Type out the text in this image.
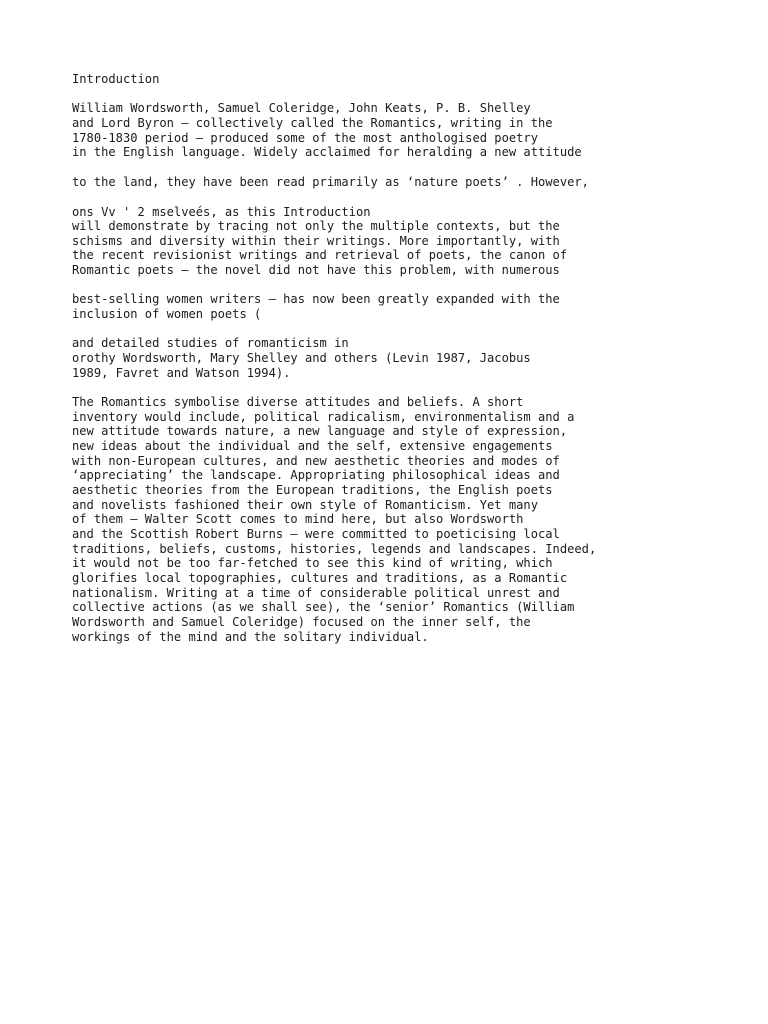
Introduction

William Wordsworth, Samuel Coleridge, John Keats, P. B. Shelley

and Lord Byron — collectively called the Romantics, writing in the

1780-1830 period — produced some of the most anthologised poetry

in the English language. Widely acclaimed for heralding a new attitude

to the land, they have been read primarily as ‘nature poets’ . However,

ons Vv ' 2 mselveés, as this Introduction

will demonstrate by tracing not only the multiple contexts, but the

schisms and diversity within their writings. More importantly, with

the recent revisionist writings and retrieval of poets, the canon of

Romantic poets — the novel did not have this problem, with numerous

best-selling women writers — has now been greatly expanded with the

inclusion of women poets (

and detailed studies of romanticism in

orothy Wordsworth, Mary Shelley and others (Levin 1987, Jacobus

1989, Favret and Watson 1994).

The Romantics symbolise diverse attitudes and beliefs. A short

inventory would include, political radicalism, environmentalism and a

new attitude towards nature, a new language and style of expression,

new ideas about the individual and the self, extensive engagements

with non-European cultures, and new aesthetic theories and modes of

‘appreciating’ the landscape. Appropriating philosophical ideas and

aesthetic theories from the European traditions, the English poets

and novelists fashioned their own style of Romanticism. Yet many

of them — Walter Scott comes to mind here, but also Wordsworth

and the Scottish Robert Burns — were committed to poeticising local

traditions, beliefs, customs, histories, legends and landscapes. Indeed,

it would not be too far-fetched to see this kind of writing, which

glorifies local topographies, cultures and traditions, as a Romantic

nationalism. Writing at a time of considerable political unrest and

collective actions (as we shall see), the ‘senior’ Romantics (William

Wordsworth and Samuel Coleridge) focused on the inner self, the

workings of the mind and the solitary individual.
